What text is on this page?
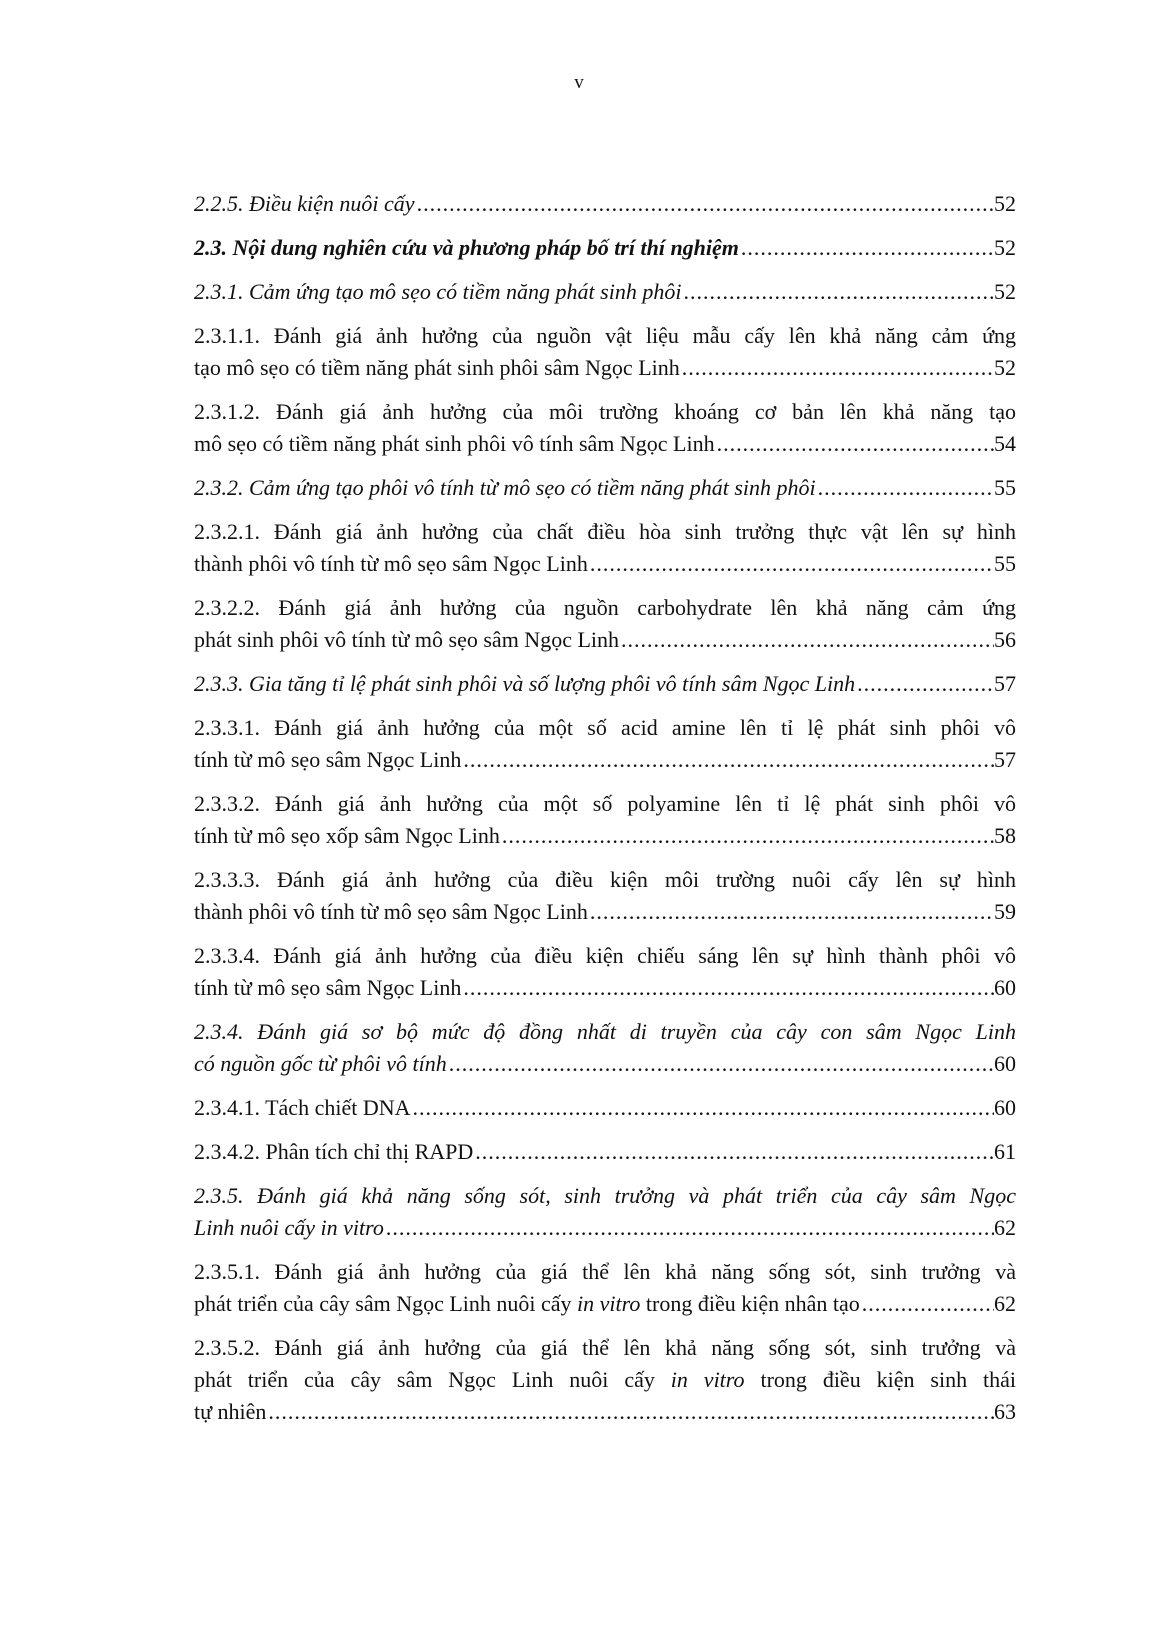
v
2.2.5. Điều kiện nuôi cấy .....	52
2.3. Nội dung nghiên cứu và phương pháp bố trí thí nghiệm .....	52
2.3.1. Cảm ứng tạo mô sẹo có tiềm năng phát sinh phôi .....	52
2.3.1.1. Đánh giá ảnh hưởng của nguồn vật liệu mẫu cấy lên khả năng cảm ứng
tạo mô sẹo có tiềm năng phát sinh phôi sâm Ngọc Linh .....	52
2.3.1.2. Đánh giá ảnh hưởng của môi trường khoáng cơ bản lên khả năng tạo
mô sẹo có tiềm năng phát sinh phôi vô tính sâm Ngọc Linh .....	54
2.3.2. Cảm ứng tạo phôi vô tính từ mô sẹo có tiềm năng phát sinh phôi .....	55
2.3.2.1. Đánh giá ảnh hưởng của chất điều hòa sinh trưởng thực vật lên sự hình
thành phôi vô tính từ mô sẹo sâm Ngọc Linh .....	55
2.3.2.2. Đánh giá ảnh hưởng của nguồn carbohydrate lên khả năng cảm ứng
phát sinh phôi vô tính từ mô sẹo sâm Ngọc Linh .....	56
2.3.3. Gia tăng tỉ lệ phát sinh phôi và số lượng phôi vô tính sâm Ngọc Linh .....	57
2.3.3.1. Đánh giá ảnh hưởng của một số acid amine lên tỉ lệ phát sinh phôi vô
tính từ mô sẹo sâm Ngọc Linh .....	57
2.3.3.2. Đánh giá ảnh hưởng của một số polyamine lên tỉ lệ phát sinh phôi vô
tính từ mô sẹo xốp sâm Ngọc Linh .....	58
2.3.3.3. Đánh giá ảnh hưởng của điều kiện môi trường nuôi cấy lên sự hình
thành phôi vô tính từ mô sẹo sâm Ngọc Linh .....	59
2.3.3.4. Đánh giá ảnh hưởng của điều kiện chiếu sáng lên sự hình thành phôi vô
tính từ mô sẹo sâm Ngọc Linh .....	60
2.3.4. Đánh giá sơ bộ mức độ đồng nhất di truyền của cây con sâm Ngọc Linh
có nguồn gốc từ phôi vô tính .....	60
2.3.4.1. Tách chiết DNA .....	60
2.3.4.2. Phân tích chỉ thị RAPD .....	61
2.3.5. Đánh giá khả năng sống sót, sinh trưởng và phát triển của cây sâm Ngọc
Linh nuôi cấy in vitro .....	62
2.3.5.1. Đánh giá ảnh hưởng của giá thể lên khả năng sống sót, sinh trưởng và
phát triển của cây sâm Ngọc Linh nuôi cấy in vitro trong điều kiện nhân tạo .....	62
2.3.5.2. Đánh giá ảnh hưởng của giá thể lên khả năng sống sót, sinh trưởng và
phát triển của cây sâm Ngọc Linh nuôi cấy in vitro trong điều kiện sinh thái
tự nhiên .....	63
